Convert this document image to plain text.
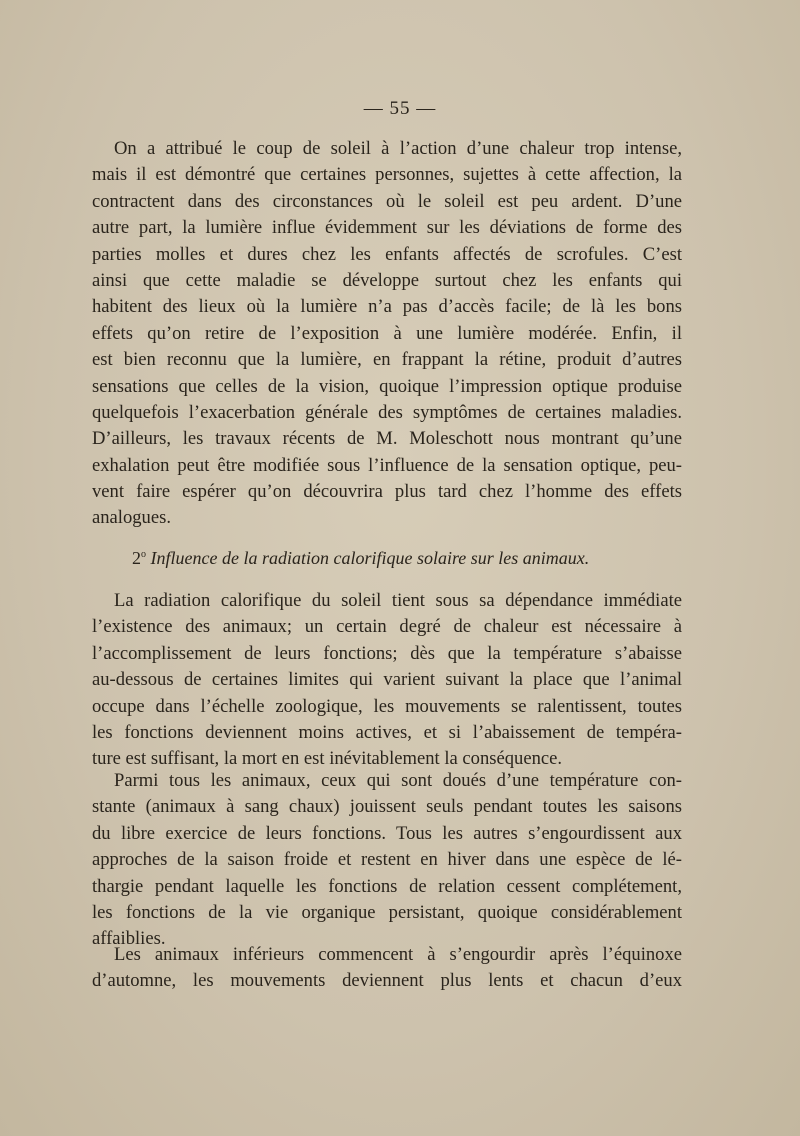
— 55 —
On a attribué le coup de soleil à l’action d’une chaleur trop intense,
mais il est démontré que certaines personnes, sujettes à cette affection, la
contractent dans des circonstances où le soleil est peu ardent. D’une
autre part, la lumière influe évidemment sur les déviations de forme des
parties molles et dures chez les enfants affectés de scrofules. C’est
ainsi que cette maladie se développe surtout chez les enfants qui
habitent des lieux où la lumière n’a pas d’accès facile; de là les bons
effets qu’on retire de l’exposition à une lumière modérée. Enfin, il
est bien reconnu que la lumière, en frappant la rétine, produit d’autres
sensations que celles de la vision, quoique l’impression optique produise
quelquefois l’exacerbation générale des symptômes de certaines maladies.
D’ailleurs, les travaux récents de M. Moleschott nous montrant qu’une
exhalation peut être modifiée sous l’influence de la sensation optique, peu-
vent faire espérer qu’on découvrira plus tard chez l’homme des effets
analogues.
2$^o$ Influence de la radiation calorifique solaire sur les animaux.
La radiation calorifique du soleil tient sous sa dépendance immédiate
l’existence des animaux; un certain degré de chaleur est nécessaire à
l’accomplissement de leurs fonctions; dès que la température s’abaisse
au-dessous de certaines limites qui varient suivant la place que l’animal
occupe dans l’échelle zoologique, les mouvements se ralentissent, toutes
les fonctions deviennent moins actives, et si l’abaissement de tempéra-
ture est suffisant, la mort en est inévitablement la conséquence.
Parmi tous les animaux, ceux qui sont doués d’une température con-
stante (animaux à sang chaux) jouissent seuls pendant toutes les saisons
du libre exercice de leurs fonctions. Tous les autres s’engourdissent aux
approches de la saison froide et restent en hiver dans une espèce de lé-
thargie pendant laquelle les fonctions de relation cessent complétement,
les fonctions de la vie organique persistant, quoique considérablement
affaiblies.
Les animaux inférieurs commencent à s’engourdir après l’équinoxe
d’automne, les mouvements deviennent plus lents et chacun d’eux
